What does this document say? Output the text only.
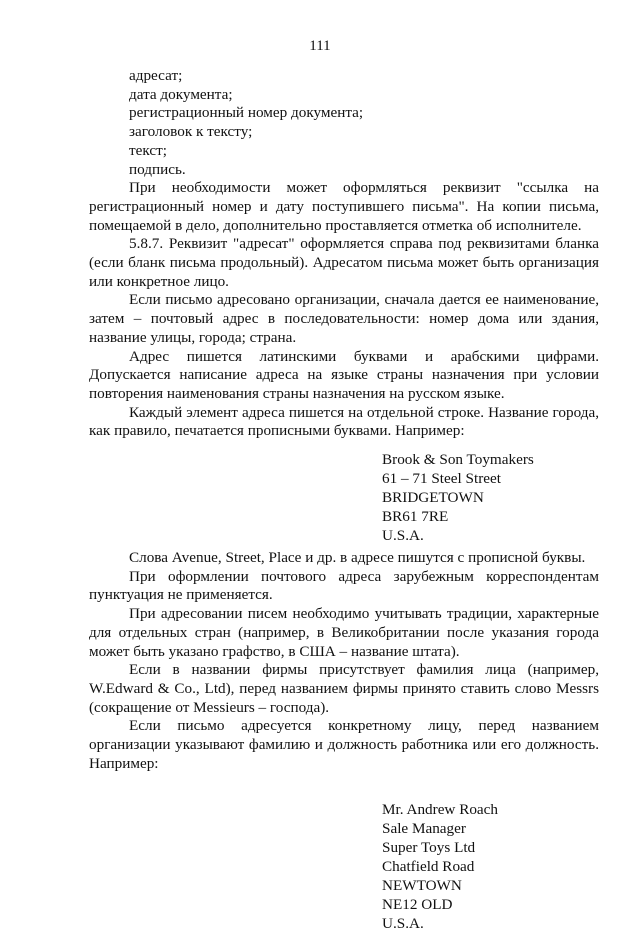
111
адресат;
дата документа;
регистрационный номер документа;
заголовок к тексту;
текст;
подпись.
При необходимости может оформляться реквизит "ссылка на регистрационный номер и дату поступившего письма". На копии письма, помещаемой в дело, дополнительно проставляется отметка об исполнителе.
5.8.7. Реквизит "адресат" оформляется справа под реквизитами бланка (если бланк письма продольный). Адресатом письма может быть организация или конкретное лицо.
Если письмо адресовано организации, сначала дается ее наименование, затем – почтовый адрес в последовательности: номер дома или здания, название улицы, города; страна.
Адрес пишется латинскими буквами и арабскими цифрами. Допускается написание адреса на языке страны назначения при условии повторения наименования страны назначения на русском языке.
Каждый элемент адреса пишется на отдельной строке. Название города, как правило, печатается прописными буквами. Например:
Brook & Son Toymakers
61 – 71 Steel Street
BRIDGETOWN
BR61 7RE
U.S.A.
Слова Avenue, Street, Place и др. в адресе пишутся с прописной буквы.
При оформлении почтового адреса зарубежным корреспондентам пунктуация не применяется.
При адресовании писем необходимо учитывать традиции, характерные для отдельных стран (например, в Великобритании после указания города может быть указано графство, в США – название штата).
Если в названии фирмы присутствует фамилия лица (например, W.Edward & Co., Ltd), перед названием фирмы принято ставить слово Messrs (сокращение от Messieurs – господа).
Если письмо адресуется конкретному лицу, перед названием организации указывают фамилию и должность работника или его должность. Например:
Mr. Andrew Roach
Sale Manager
Super Toys Ltd
Chatfield Road
NEWTOWN
NE12 OLD
U.S.A.
